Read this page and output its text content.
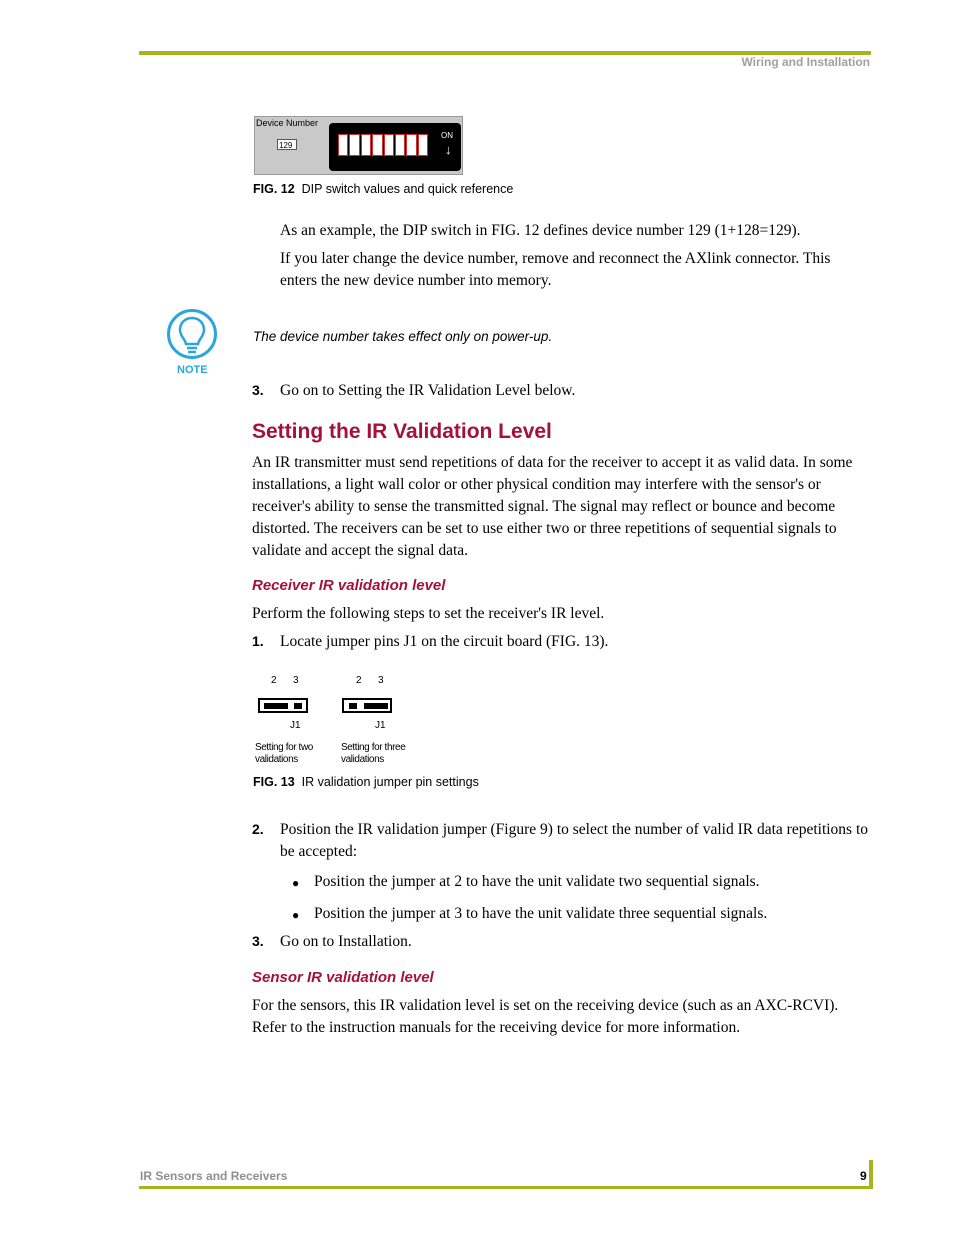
Wiring and Installation
Device Number
129
ON
↓
FIG. 12 DIP switch values and quick reference
As an example, the DIP switch in FIG. 12 defines device number 129 (1+128=129).
If you later change the device number, remove and reconnect the AXlink connector. This enters the new device number into memory.
NOTE
The device number takes effect only on power-up.
3. Go on to Setting the IR Validation Level below.
Setting the IR Validation Level
An IR transmitter must send repetitions of data for the receiver to accept it as valid data. In some installations, a light wall color or other physical condition may interfere with the sensor's or receiver's ability to sense the transmitted signal. The signal may reflect or bounce and become distorted. The receivers can be set to use either two or three repetitions of sequential signals to validate and accept the signal data.
Receiver IR validation level
Perform the following steps to set the receiver's IR level.
1. Locate jumper pins J1 on the circuit board (FIG. 13).
2 3
J1
Setting for two
validations
2 3
J1
Setting for three
validations
FIG. 13 IR validation jumper pin settings
2. Position the IR validation jumper (Figure 9) to select the number of valid IR data repetitions to
be accepted:
● Position the jumper at 2 to have the unit validate two sequential signals.
● Position the jumper at 3 to have the unit validate three sequential signals.
3. Go on to Installation.
Sensor IR validation level
For the sensors, this IR validation level is set on the receiving device (such as an AXC-RCVI). Refer to the instruction manuals for the receiving device for more information.
IR Sensors and Receivers	9
